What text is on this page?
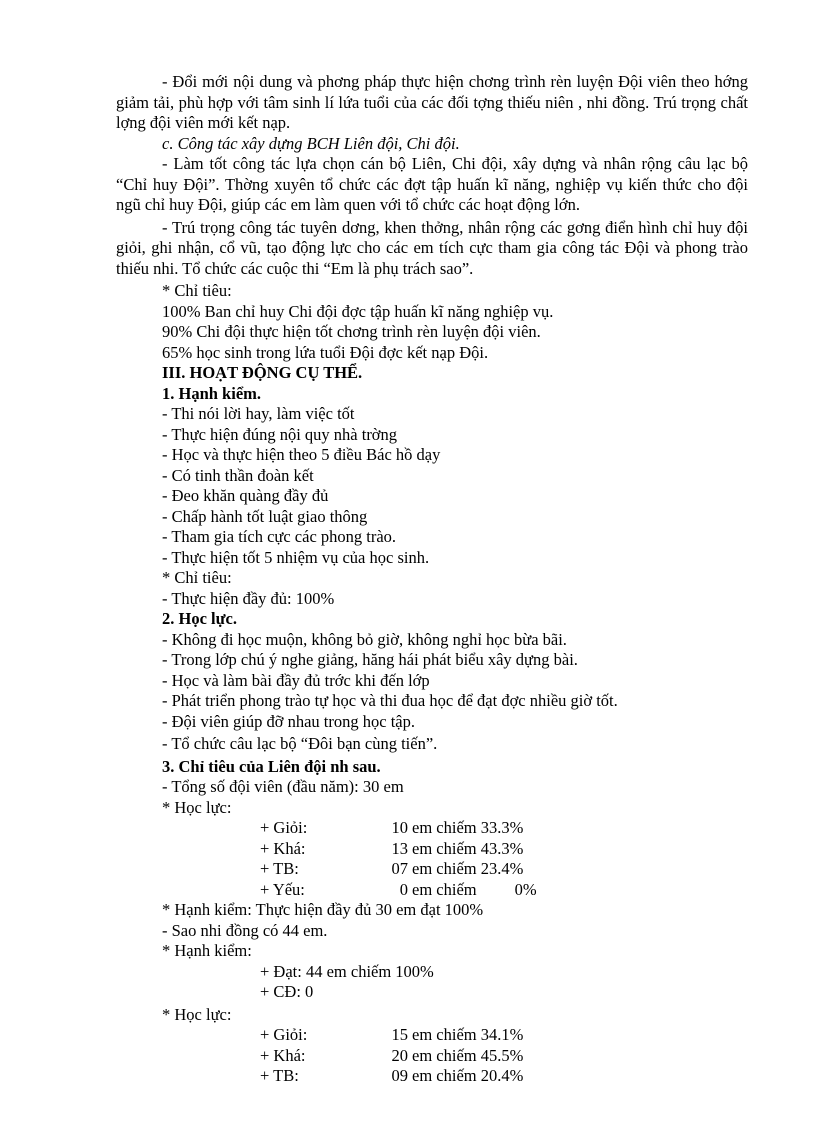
- Đổi mới nội dung và phơng pháp thực hiện chơng trình rèn luyện Đội viên theo hớng giảm tải, phù hợp với tâm sinh lí lứa tuổi của các đối tợng thiếu niên , nhi đồng. Trú trọng chất lợng đội viên mới kết nạp.

c. Công tác xây dựng BCH Liên đội, Chi đội.

- Làm tốt công tác lựa chọn cán bộ Liên, Chi đội, xây dựng và nhân rộng câu lạc bộ “Chỉ huy Đội”. Thờng xuyên tổ chức các đợt tập huấn kĩ năng, nghiệp vụ kiến thức cho đội ngũ chỉ huy Đội, giúp các em làm quen với tổ chức các hoạt động lớn.

- Trú trọng công tác tuyên dơng, khen thởng, nhân rộng các gơng điển hình chỉ huy đội giỏi, ghi nhận, cổ vũ, tạo động lực cho các em tích cực tham gia công tác Đội và phong trào thiếu nhi. Tổ chức các cuộc thi “Em là phụ trách sao”.

* Chỉ tiêu:

100% Ban chỉ huy Chi đội đợc tập huấn kĩ năng nghiệp vụ.

90% Chi đội thực hiện tốt chơng trình rèn luyện đội viên.

65% học sinh trong lứa tuổi Đội đợc kết nạp Đội.

III. HOẠT ĐỘNG CỤ THỂ.

1. Hạnh kiểm.

- Thi nói lời hay, làm việc tốt

- Thực hiện đúng nội quy nhà trờng

- Học và thực hiện theo 5 điều Bác hồ dạy

- Có tinh thần đoàn kết

- Đeo khăn quàng đầy đủ

- Chấp hành tốt luật giao thông

- Tham gia tích cực các phong trào.

- Thực hiện tốt 5 nhiệm vụ của học sinh.

* Chỉ tiêu:

- Thực hiện đầy đủ: 100%

2. Học lực.

- Không đi học muộn, không bỏ giờ, không nghỉ học bừa bãi.

- Trong lớp chú ý nghe giảng, hăng hái phát biểu xây dựng bài.

- Học và làm bài đầy đủ trớc khi đến lớp

- Phát triển phong trào tự học và thi đua học để đạt đợc nhiều giờ tốt.

- Đội viên giúp đỡ nhau trong học tập.

- Tổ chức câu lạc bộ “Đôi bạn cùng tiến”.

3. Chỉ tiêu của Liên đội nh sau.

- Tổng số đội viên (đầu năm): 30 em

* Học lực:

+ Giỏi:	10 em chiếm 33.3%
+ Khá:	13 em chiếm 43.3%
+ TB:	07 em chiếm 23.4%
+ Yếu:	0 em chiếm	0%

* Hạnh kiểm: Thực hiện đầy đủ 30 em đạt 100%

- Sao nhi đồng có 44 em.

* Hạnh kiểm:

+ Đạt: 44 em chiếm 100%
+ CĐ: 0

* Học lực:

+ Giỏi:	15 em chiếm 34.1%
+ Khá:	20 em chiếm 45.5%
+ TB:	09 em chiếm 20.4%
